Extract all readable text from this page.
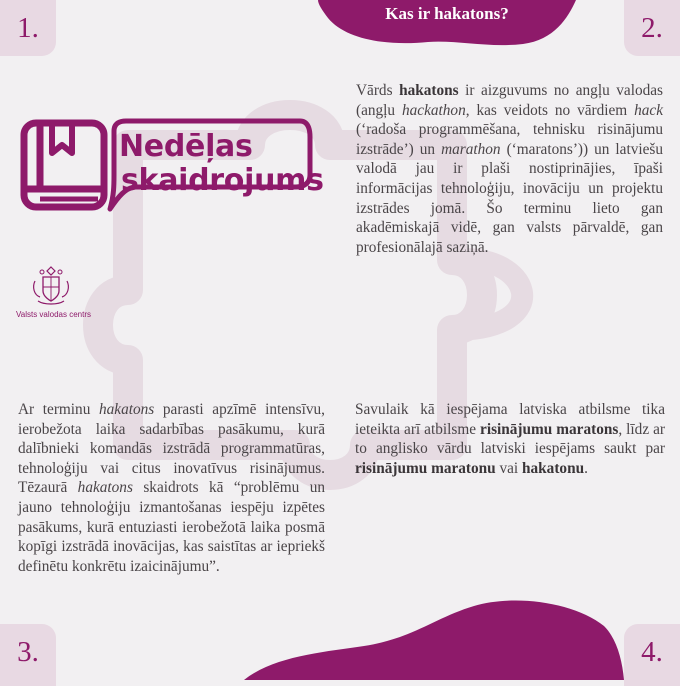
1.	2.
3.	4.
Kas ir hakatons?
Nedēļas
skaidrojums
Valsts valodas centrs
Vārds hakatons ir aizguvums no angļu valodas (angļu hackathon, kas veidots no vārdiem hack (‘radoša programmēšana, tehnisku risinājumu izstrāde’) un marathon (‘maratons’)) un latviešu valodā jau ir plaši nostiprinājies, īpaši informācijas tehnoloģiju, inovāciju un projektu izstrādes jomā. Šo terminu lieto gan akadēmiskajā vidē, gan valsts pārvaldē, gan profesionālajā saziņā.
Ar terminu hakatons parasti apzīmē intensīvu, ierobežota laika sadarbības pasākumu, kurā dalībnieki komandās izstrādā programmatūras, tehnoloģiju vai citus inovatīvus risinājumus. Tēzaurā hakatons skaidrots kā “problēmu un jauno tehnoloģiju izmantošanas iespēju izpētes pasākums, kurā entuziasti ierobežotā laika posmā kopīgi izstrādā inovācijas, kas saistītas ar iepriekš definētu konkrētu izaicinājumu”.
Savulaik kā iespējama latviska atbilsme tika ieteikta arī atbilsme risinājumu maratons, līdz ar to anglisko vārdu latviski iespējams saukt par risinājumu maratonu vai hakatonu.
